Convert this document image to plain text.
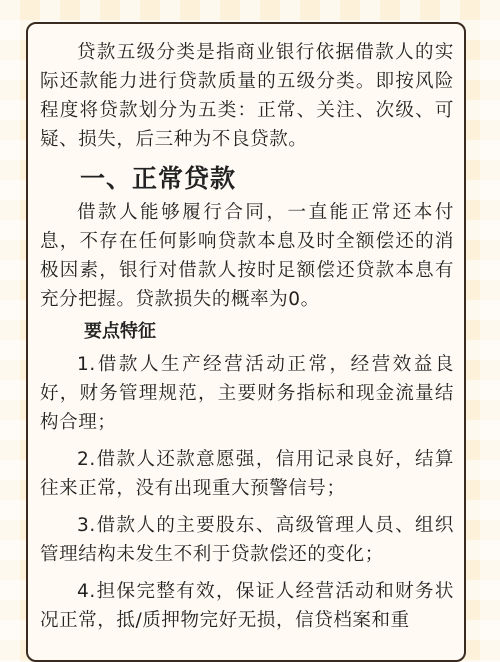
贷款五级分类是指商业银行依据借款人的实际还款能力进行贷款质量的五级分类。即按风险程度将贷款划分为五类：正常、关注、次级、可疑、损失，后三种为不良贷款。

一、正常贷款

借款人能够履行合同，一直能正常还本付息，不存在任何影响贷款本息及时全额偿还的消极因素，银行对借款人按时足额偿还贷款本息有充分把握。贷款损失的概率为0。

要点特征

1.借款人生产经营活动正常，经营效益良好，财务管理规范，主要财务指标和现金流量结构合理；

2.借款人还款意愿强，信用记录良好，结算往来正常，没有出现重大预警信号；

3.借款人的主要股东、高级管理人员、组织管理结构未发生不利于贷款偿还的变化；

4.担保完整有效，保证人经营活动和财务状况正常，抵/质押物完好无损，信贷档案和重
